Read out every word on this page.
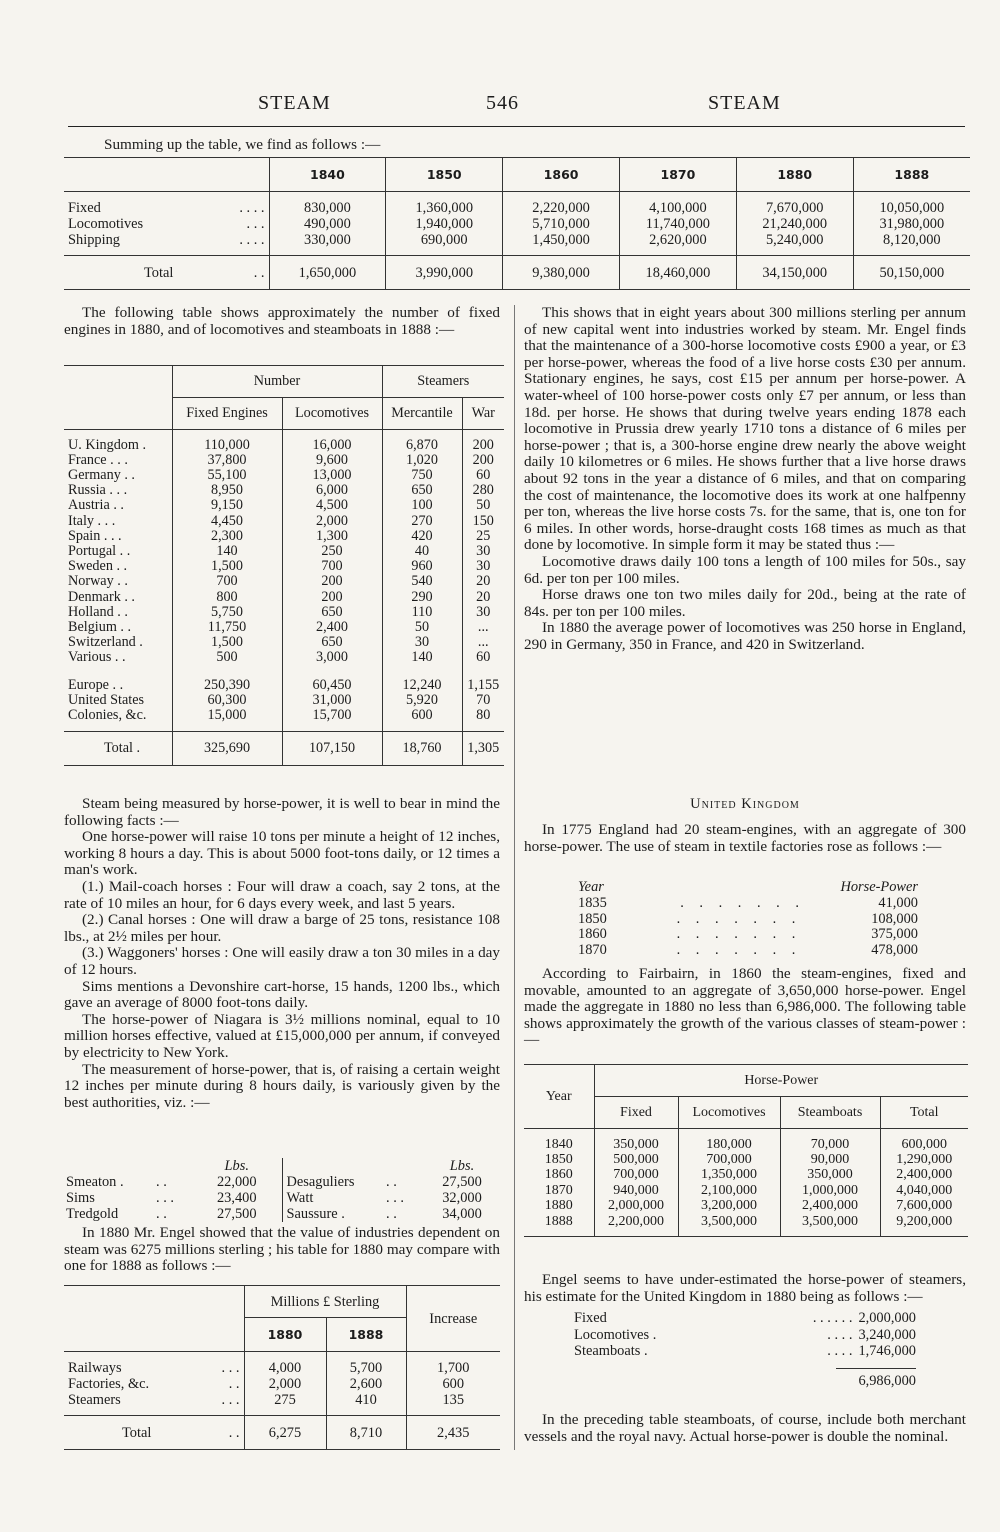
STEAM	546	STEAM
Summing up the table, we find as follows :—
	1840	1850	1860	1870	1880	1888

Fixed . . . .	830,000	1,360,000	2,220,000	4,100,000	7,670,000	10,050,000
Locomotives . . .	490,000	1,940,000	5,710,000	11,740,000	21,240,000	31,980,000
Shipping . . . .	330,000	690,000	1,450,000	2,620,000	5,240,000	8,120,000

Total . .	1,650,000	3,990,000	9,380,000	18,460,000	34,150,000	50,150,000
The following table shows approximately the number of fixed engines in 1880, and of locomotives and steamboats in 1888 :—
	Number		Steamers	
	Fixed Engines	Locomotives	Mercantile	War

U. Kingdom .	110,000	16,000	6,870	200
France . . .	37,800	9,600	1,020	200
Germany . .	55,100	13,000	750	60
Russia . . .	8,950	6,000	650	280
Austria . .	9,150	4,500	100	50
Italy . . .	4,450	2,000	270	150
Spain . . .	2,300	1,300	420	25
Portugal . .	140	250	40	30
Sweden . .	1,500	700	960	30
Norway . .	700	200	540	20
Denmark . .	800	200	290	20
Holland . .	5,750	650	110	30
Belgium . .	11,750	2,400	50	...
Switzerland .	1,500	650	30	...
Various . .	500	3,000	140	60

Europe . .	250,390	60,450	12,240	1,155
United States	60,300	31,000	5,920	70
Colonies, &c.	15,000	15,700	600	80

Total .	325,690	107,150	18,760	1,305

Steam being measured by horse-power, it is well to bear in mind the following facts :—

One horse-power will raise 10 tons per minute a height of 12 inches, working 8 hours a day. This is about 5000 foot-tons daily, or 12 times a man's work.

(1.) Mail-coach horses : Four will draw a coach, say 2 tons, at the rate of 10 miles an hour, for 6 days every week, and last 5 years.

(2.) Canal horses : One will draw a barge of 25 tons, resistance 108 lbs., at 2½ miles per hour.

(3.) Waggoners' horses : One will easily draw a ton 30 miles in a day of 12 hours.

Sims mentions a Devonshire cart-horse, 15 hands, 1200 lbs., which gave an average of 8000 foot-tons daily.

The horse-power of Niagara is 3½ millions nominal, equal to 10 million horses effective, valued at £15,000,000 per annum, if conveyed by electricity to New York.

The measurement of horse-power, that is, of raising a certain weight 12 inches per minute during 8 hours daily, is variously given by the best authorities, viz. :—

		Lbs.			Lbs.
Smeaton .	. .	22,000	Desaguliers	. .	27,500
Sims	. . .	23,400	Watt	. . .	32,000
Tredgold	. .	27,500	Saussure .	. .	34,000
In 1880 Mr. Engel showed that the value of industries dependent on steam was 6275 millions sterling ; his table for 1880 may compare with one for 1888 as follows :—
	Millions £ Sterling		Increase
	1880	1888	

Railways . . .	4,000	5,700	1,700
Factories, &c. . .	2,000	2,600	600
Steamers . . .	275	410	135

Total . .	6,275	8,710	2,435

This shows that in eight years about 300 millions sterling per annum of new capital went into industries worked by steam. Mr. Engel finds that the maintenance of a 300-horse locomotive costs £900 a year, or £3 per horse-power, whereas the food of a live horse costs £30 per annum. Stationary engines, he says, cost £15 per annum per horse-power. A water-wheel of 100 horse-power costs only £7 per annum, or less than 18d. per horse. He shows that during twelve years ending 1878 each locomotive in Prussia drew yearly 1710 tons a distance of 6 miles per horse-power ; that is, a 300-horse engine drew nearly the above weight daily 10 kilometres or 6 miles. He shows further that a live horse draws about 92 tons in the year a distance of 6 miles, and that on comparing the cost of maintenance, the locomotive does its work at one halfpenny per ton, whereas the live horse costs 7s. for the same, that is, one ton for 6 miles. In other words, horse-draught costs 168 times as much as that done by locomotive. In simple form it may be stated thus :—

Locomotive draws daily 100 tons a length of 100 miles for 50s., say 6d. per ton per 100 miles.

Horse draws one ton two miles daily for 20d., being at the rate of 84s. per ton per 100 miles.

In 1880 the average power of locomotives was 250 horse in England, 290 in Germany, 350 in France, and 420 in Switzerland.

United Kingdom
In 1775 England had 20 steam-engines, with an aggregate of 300 horse-power. The use of steam in textile factories rose as follows :—
Year	Horse-Power
1835	. . . . . . .	41,000
1850	. . . . . . .	108,000
1860	. . . . . . .	375,000
1870	. . . . . . .	478,000
According to Fairbairn, in 1860 the steam-engines, fixed and movable, amounted to an aggregate of 3,650,000 horse-power. Engel made the aggregate in 1880 no less than 6,986,000. The following table shows approximately the growth of the various classes of steam-power :—
Year	Horse-Power			
	Fixed	Locomotives	Steamboats	Total

1840	350,000	180,000	70,000	600,000
1850	500,000	700,000	90,000	1,290,000
1860	700,000	1,350,000	350,000	2,400,000
1870	940,000	2,100,000	1,000,000	4,040,000
1880	2,000,000	3,200,000	2,400,000	7,600,000
1888	2,200,000	3,500,000	3,500,000	9,200,000

Engel seems to have under-estimated the horse-power of steamers, his estimate for the United Kingdom in 1880 being as follows :—
Fixed	. . . . . . 2,000,000
Locomotives .	. . . . 3,240,000
Steamboats .	. . . . 1,746,000
6,986,000
In the preceding table steamboats, of course, include both merchant vessels and the royal navy. Actual horse-power is double the nominal.
